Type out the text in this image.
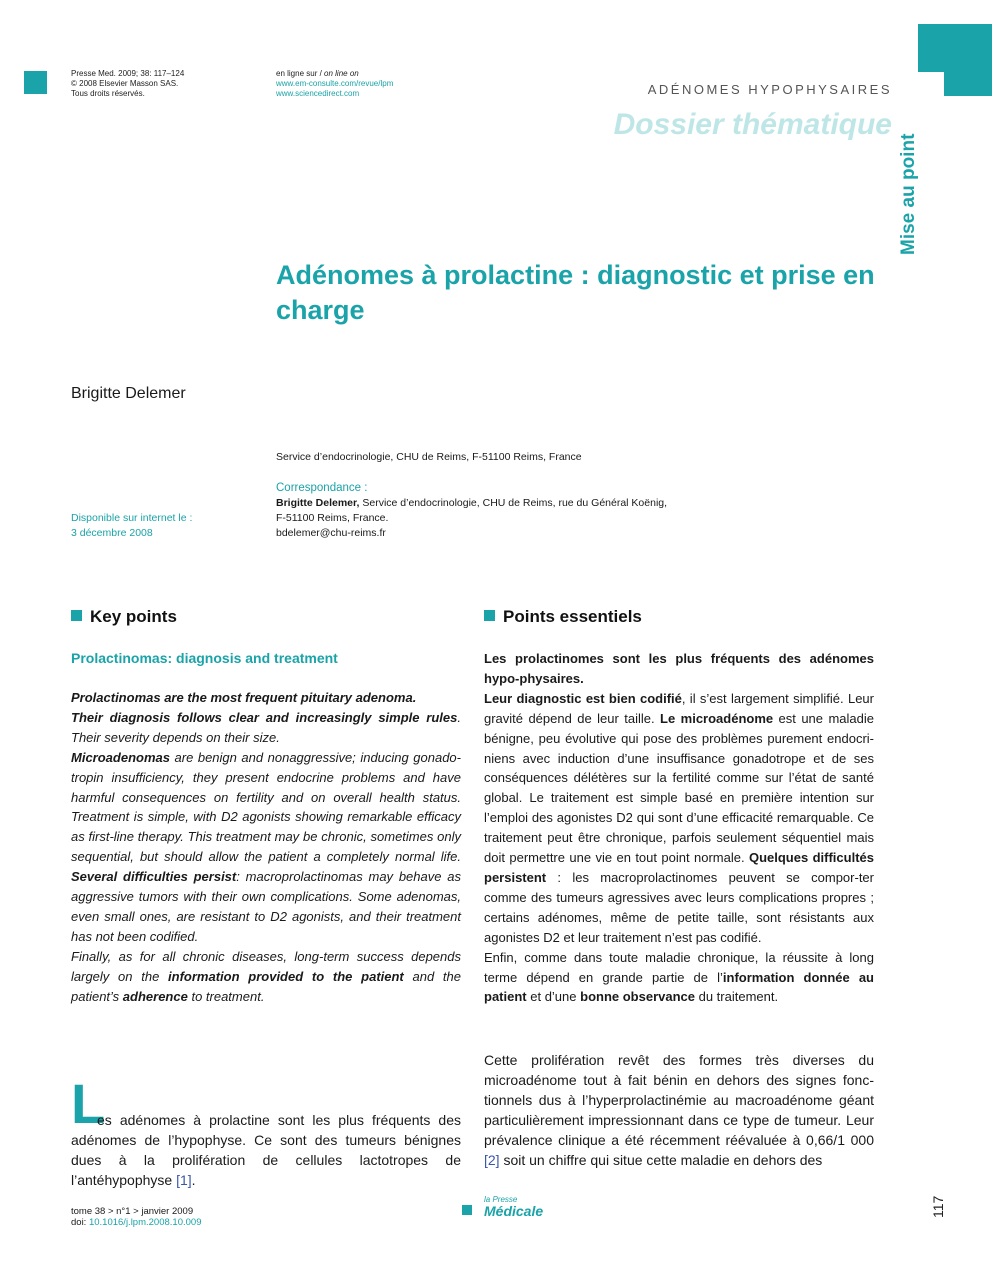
Presse Med. 2009; 38: 117–124
© 2008 Elsevier Masson SAS.
Tous droits réservés.
en ligne sur / on line on
www.em-consulte.com/revue/lpm
www.sciencedirect.com	ADÉNOMES HYPOPHYSAIRES
Dossier thématique
Mise au point
Adénomes à prolactine : diagnostic et prise en charge
Brigitte Delemer
Service d’endocrinologie, CHU de Reims, F-51100 Reims, France
Correspondance :
Brigitte Delemer, Service d’endocrinologie, CHU de Reims, rue du Général Koënig,
F-51100 Reims, France.
bdelemer@chu-reims.fr
Disponible sur internet le :
3 décembre 2008
Key points
Prolactinomas: diagnosis and treatment

Prolactinomas are the most frequent pituitary adenoma.

Their diagnosis follows clear and increasingly simple rules. Their severity depends on their size.

Microadenomas are benign and nonaggressive; inducing gonado-tropin insufficiency, they present endocrine problems and have harmful consequences on fertility and on overall health status. Treatment is simple, with D2 agonists showing remarkable efficacy as first-line therapy. This treatment may be chronic, sometimes only sequential, but should allow the patient a completely normal life. Several difficulties persist: macroprolactinomas may behave as aggressive tumors with their own complications. Some adenomas, even small ones, are resistant to D2 agonists, and their treatment has not been codified.

Finally, as for all chronic diseases, long-term success depends largely on the information provided to the patient and the patient’s adherence to treatment.

Points essentiels

Les prolactinomes sont les plus fréquents des adénomes hypo-physaires.

Leur diagnostic est bien codifié, il s’est largement simplifié. Leur gravité dépend de leur taille. Le microadénome est une maladie bénigne, peu évolutive qui pose des problèmes purement endocri-niens avec induction d’une insuffisance gonadotrope et de ses conséquences délétères sur la fertilité comme sur l’état de santé global. Le traitement est simple basé en première intention sur l’emploi des agonistes D2 qui sont d’une efficacité remarquable. Ce traitement peut être chronique, parfois seulement séquentiel mais doit permettre une vie en tout point normale. Quelques difficultés persistent : les macroprolactinomes peuvent se compor-ter comme des tumeurs agressives avec leurs complications propres ; certains adénomes, même de petite taille, sont résistants aux agonistes D2 et leur traitement n’est pas codifié.

Enfin, comme dans toute maladie chronique, la réussite à long terme dépend en grande partie de l’information donnée au patient et d’une bonne observance du traitement.

L
es adénomes à prolactine sont les plus fréquents des adénomes de l’hypophyse. Ce sont des tumeurs bénignes dues à la prolifération de cellules lactotropes de l’antéhypophyse [1].
Cette prolifération revêt des formes très diverses du microadénome tout à fait bénin en dehors des signes fonc-tionnels dus à l’hyperprolactinémie au macroadénome géant particulièrement impressionnant dans ce type de tumeur. Leur prévalence clinique a été récemment réévaluée à 0,66/1 000 [2] soit un chiffre qui situe cette maladie en dehors des
tome 38 > n°1 > janvier 2009
doi: 10.1016/j.lpm.2008.10.009
la Presse
Médicale	117
